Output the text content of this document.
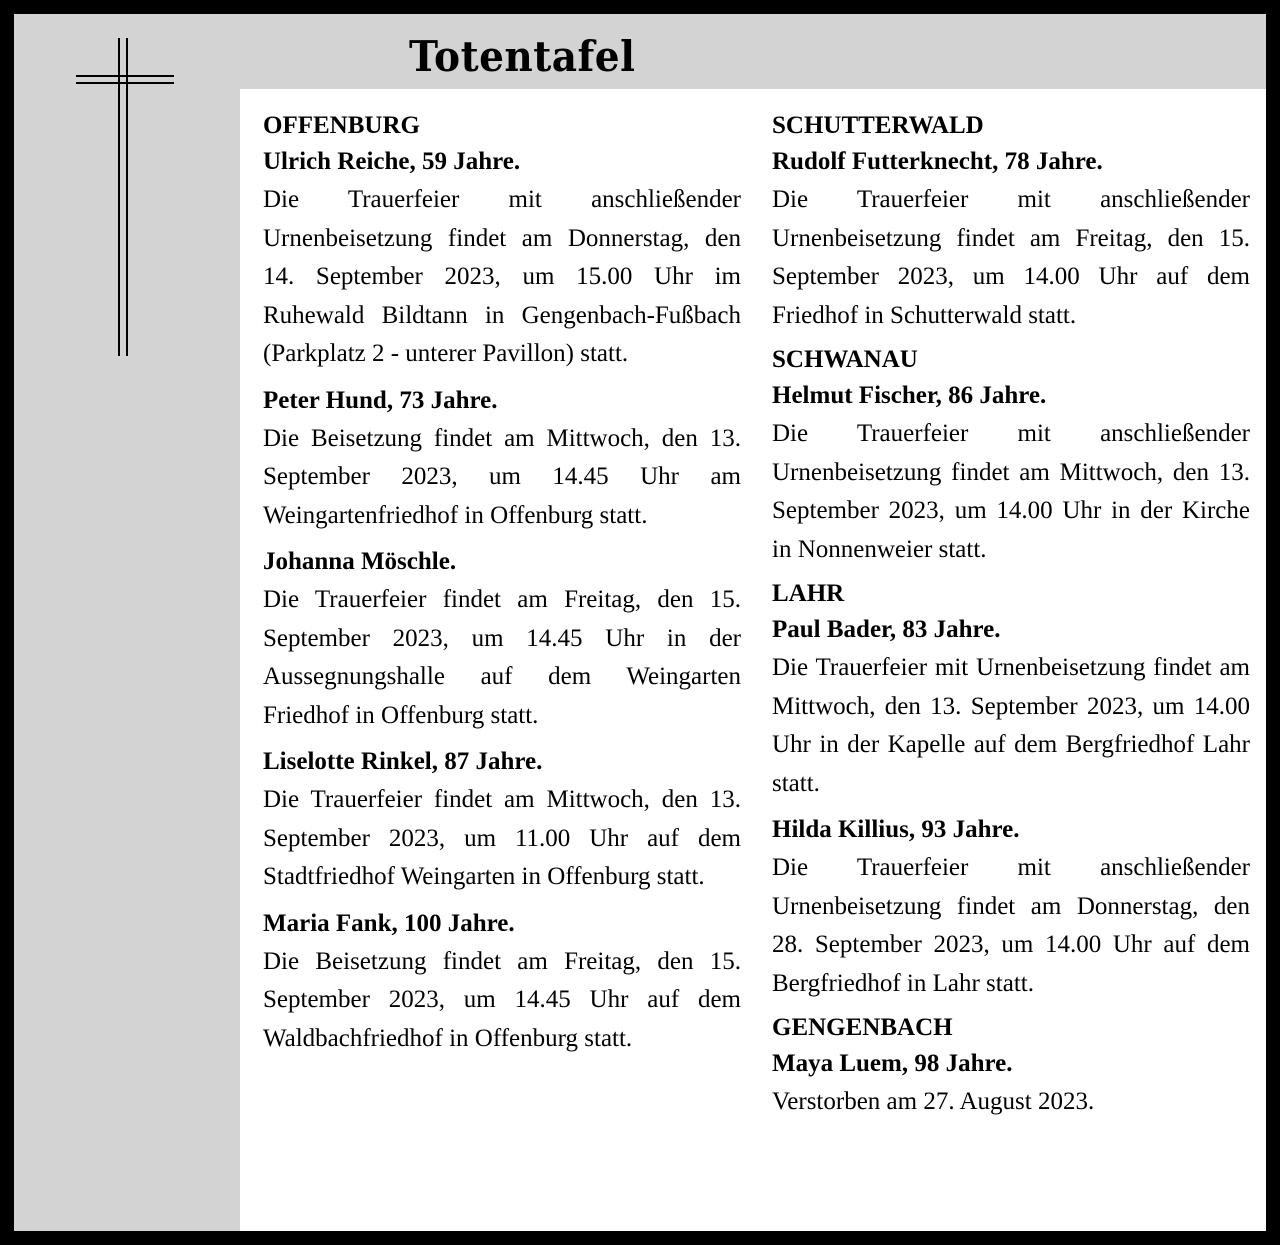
Totentafel

OFFENBURG

Ulrich Reiche, 59 Jahre.

Die Trauerfeier mit anschließender Urnenbeisetzung findet am Donnerstag, den 14. September 2023, um 15.00 Uhr im Ruhewald Bildtann in Gengenbach-Fußbach (Parkplatz 2 - unterer Pavillon) statt.

Peter Hund, 73 Jahre.

Die Beisetzung findet am Mittwoch, den 13. September 2023, um 14.45 Uhr am Weingartenfriedhof in Offenburg statt.

Johanna Möschle.

Die Trauerfeier findet am Freitag, den 15. September 2023, um 14.45 Uhr in der Aussegnungshalle auf dem Weingarten Friedhof in Offenburg statt.

Liselotte Rinkel, 87 Jahre.

Die Trauerfeier findet am Mittwoch, den 13. September 2023, um 11.00 Uhr auf dem Stadtfriedhof Weingarten in Offenburg statt.

Maria Fank, 100 Jahre.

Die Beisetzung findet am Freitag, den 15. September 2023, um 14.45 Uhr auf dem Waldbachfriedhof in Offenburg statt.

SCHUTTERWALD

Rudolf Futterknecht, 78 Jahre.

Die Trauerfeier mit anschließender Urnenbeisetzung findet am Freitag, den 15. September 2023, um 14.00 Uhr auf dem Friedhof in Schutterwald statt.

SCHWANAU

Helmut Fischer, 86 Jahre.

Die Trauerfeier mit anschließender Urnenbeisetzung findet am Mittwoch, den 13. September 2023, um 14.00 Uhr in der Kirche in Nonnenweier statt.

LAHR

Paul Bader, 83 Jahre.

Die Trauerfeier mit Urnenbeisetzung findet am Mittwoch, den 13. September 2023, um 14.00 Uhr in der Kapelle auf dem Bergfriedhof Lahr statt.

Hilda Killius, 93 Jahre.

Die Trauerfeier mit anschließender Urnenbeisetzung findet am Donnerstag, den 28. September 2023, um 14.00 Uhr auf dem Bergfriedhof in Lahr statt.

GENGENBACH

Maya Luem, 98 Jahre.

Verstorben am 27. August 2023.
